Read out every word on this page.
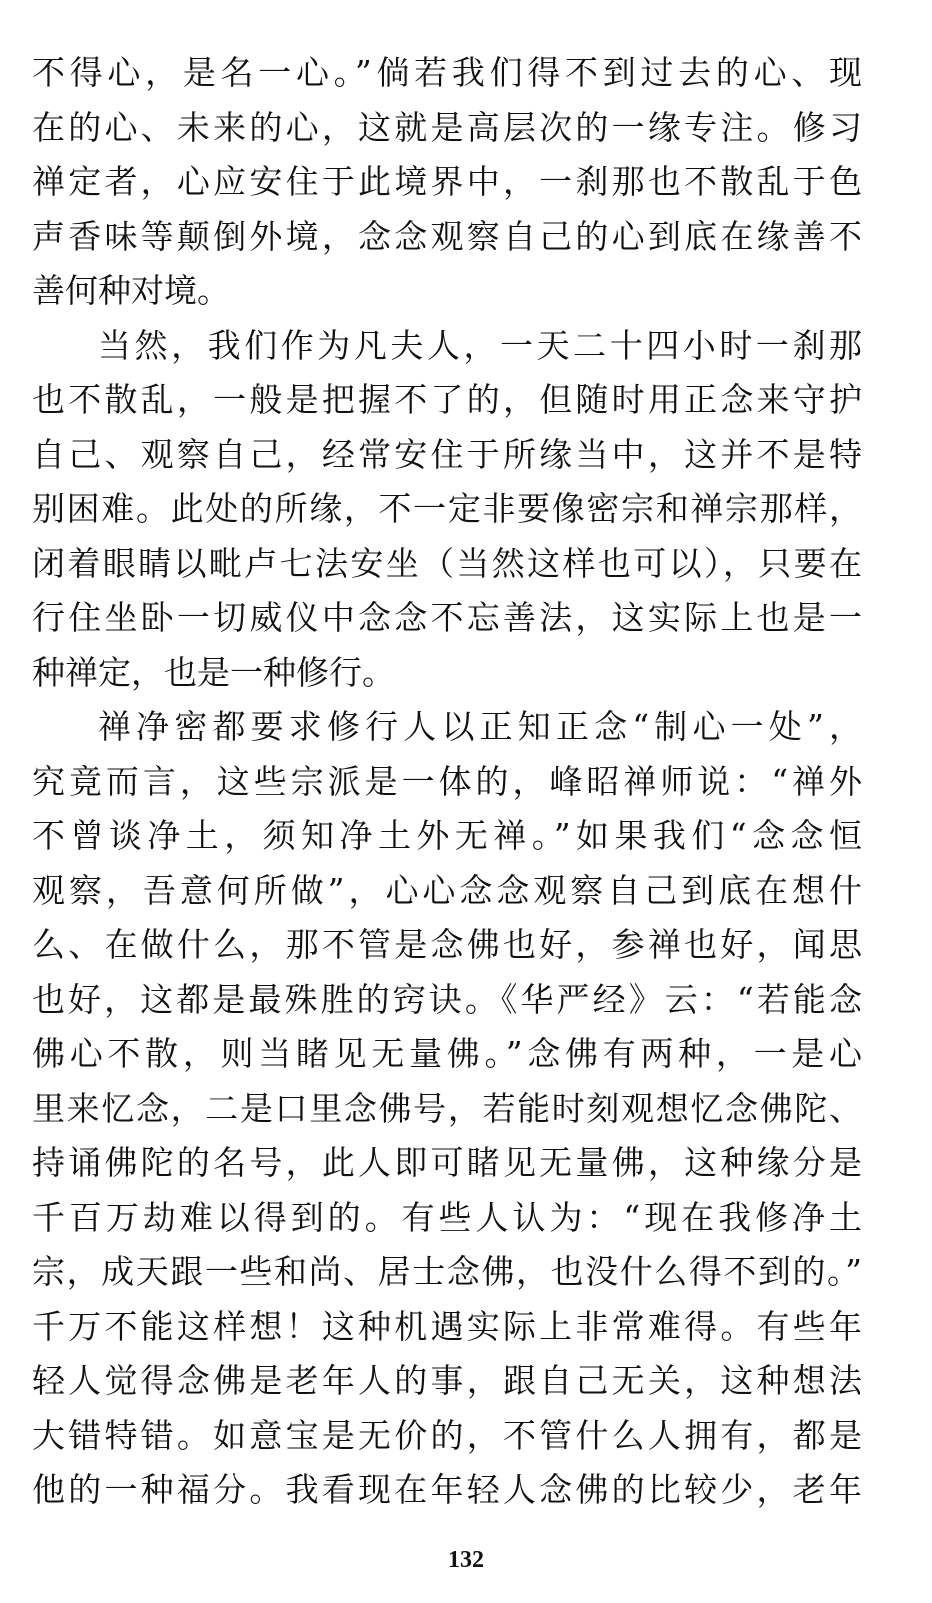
不得心，是名一心。”倘若我们得不到过去的心、现
在的心、未来的心，这就是高层次的一缘专注。修习
禅定者，心应安住于此境界中，一刹那也不散乱于色
声香味等颠倒外境，念念观察自己的心到底在缘善不
善何种对境。
当然，我们作为凡夫人，一天二十四小时一刹那
也不散乱，一般是把握不了的，但随时用正念来守护
自己、观察自己，经常安住于所缘当中，这并不是特
别困难。此处的所缘，不一定非要像密宗和禅宗那样，
闭着眼睛以毗卢七法安坐（当然这样也可以），只要在
行住坐卧一切威仪中念念不忘善法，这实际上也是一
种禅定，也是一种修行。
禅净密都要求修行人以正知正念“制心一处”，
究竟而言，这些宗派是一体的，峰昭禅师说：“禅外
不曾谈净土，须知净土外无禅。”如果我们“念念恒
观察，吾意何所做”，心心念念观察自己到底在想什
么、在做什么，那不管是念佛也好，参禅也好，闻思
也好，这都是最殊胜的窍诀。《华严经》云：“若能念
佛心不散，则当睹见无量佛。”念佛有两种，一是心
里来忆念，二是口里念佛号，若能时刻观想忆念佛陀、
持诵佛陀的名号，此人即可睹见无量佛，这种缘分是
千百万劫难以得到的。有些人认为：“现在我修净土
宗，成天跟一些和尚、居士念佛，也没什么得不到的。”
千万不能这样想！这种机遇实际上非常难得。有些年
轻人觉得念佛是老年人的事，跟自己无关，这种想法
大错特错。如意宝是无价的，不管什么人拥有，都是
他的一种福分。我看现在年轻人念佛的比较少，老年
132
